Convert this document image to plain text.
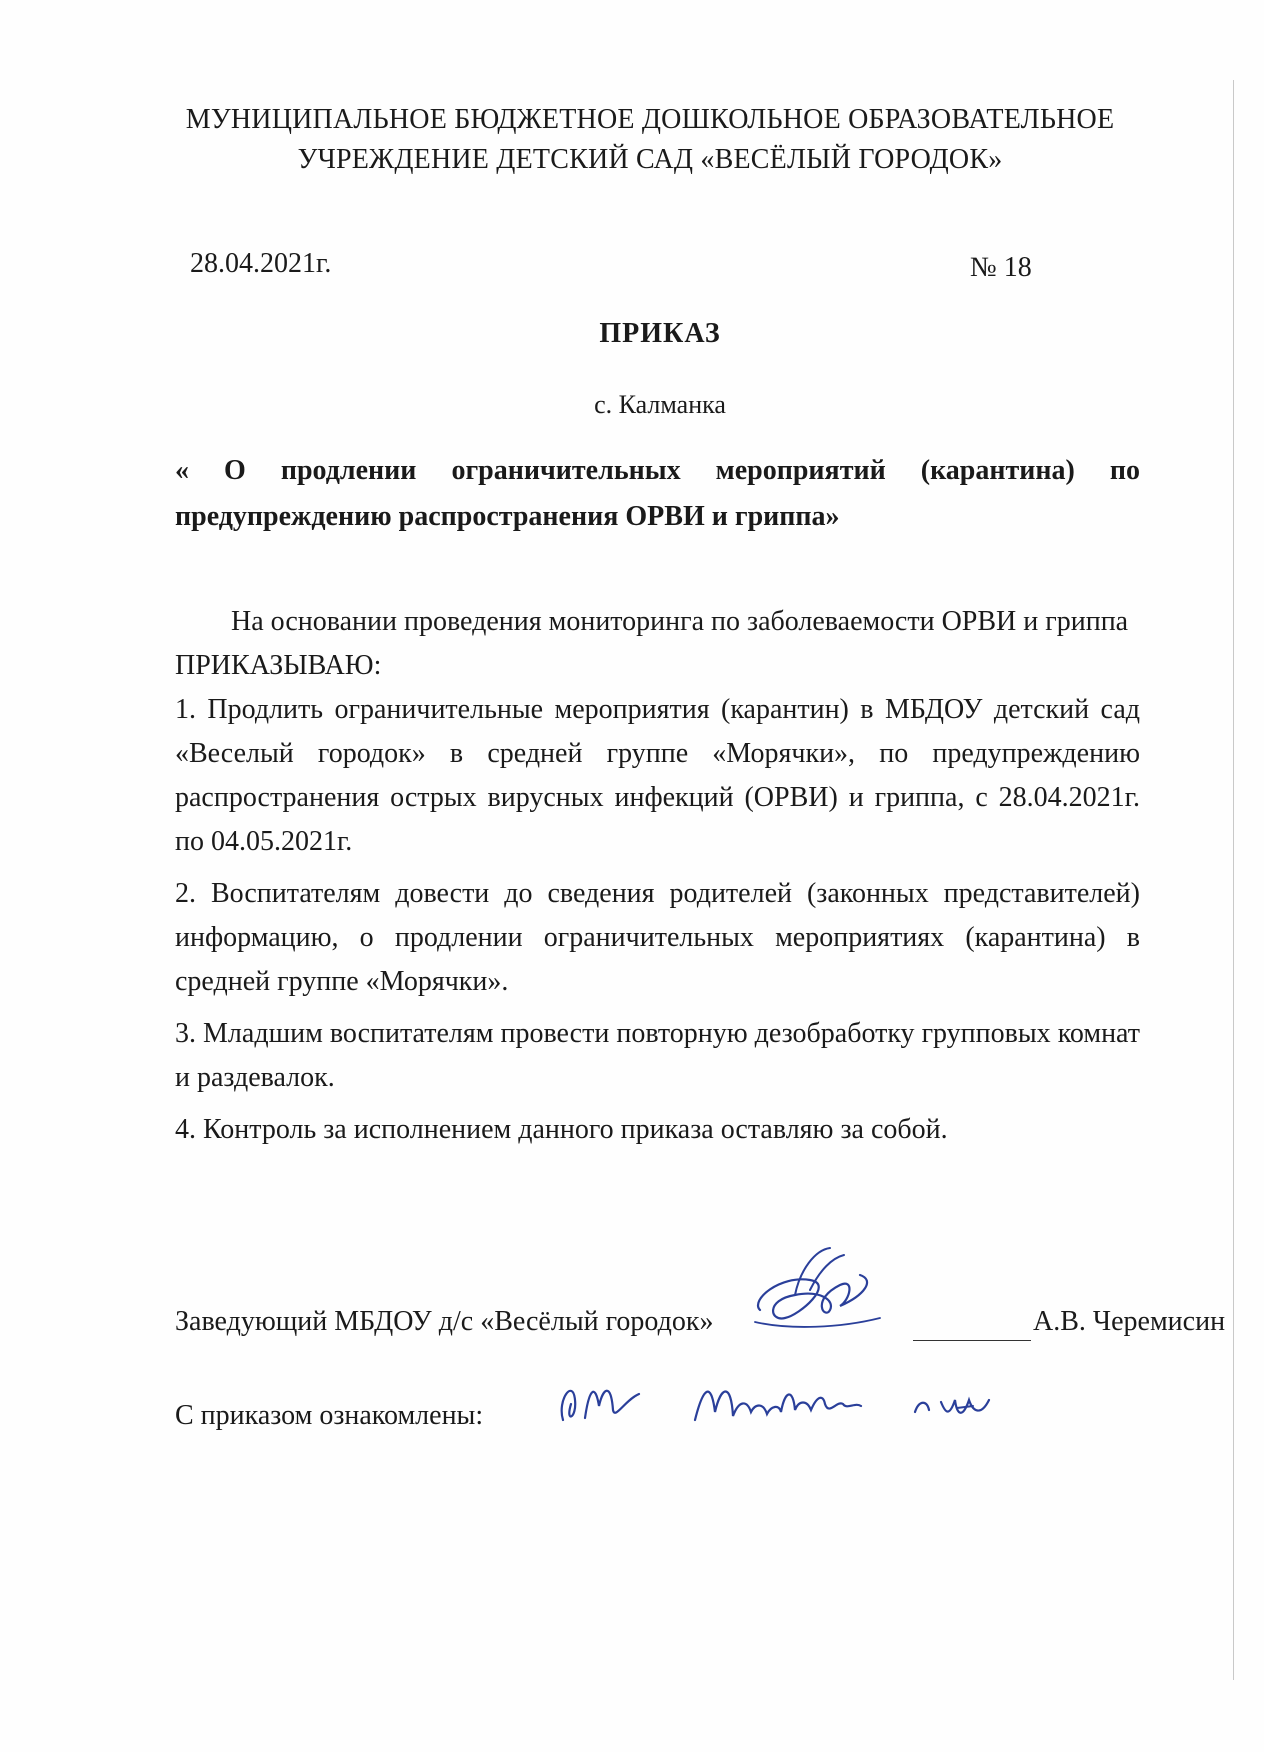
МУНИЦИПАЛЬНОЕ БЮДЖЕТНОЕ ДОШКОЛЬНОЕ ОБРАЗОВАТЕЛЬНОЕ
УЧРЕЖДЕНИЕ ДЕТСКИЙ САД «ВЕСЁЛЫЙ ГОРОДОК»
28.04.2021г.	№ 18
ПРИКАЗ
с. Калманка
« О продлении ограничительных мероприятий (карантина) по
предупреждению распространения ОРВИ и гриппа»

На основании проведения мониторинга по заболеваемости ОРВИ и гриппа

ПРИКАЗЫВАЮ:

1. Продлить ограничительные мероприятия (карантин) в МБДОУ детский сад «Веселый городок» в средней группе «Морячки», по предупреждению распространения острых вирусных инфекций (ОРВИ) и гриппа, с 28.04.2021г. по 04.05.2021г.

2. Воспитателям довести до сведения родителей (законных представителей) информацию, о продлении ограничительных мероприятиях (карантина) в средней группе «Морячки».

3. Младшим воспитателям провести повторную дезобработку групповых комнат и раздевалок.

4. Контроль за исполнением данного приказа оставляю за собой.

Заведующий МБДОУ д/с «Весёлый городок»	А.В. Черемисин
С приказом ознакомлены:
